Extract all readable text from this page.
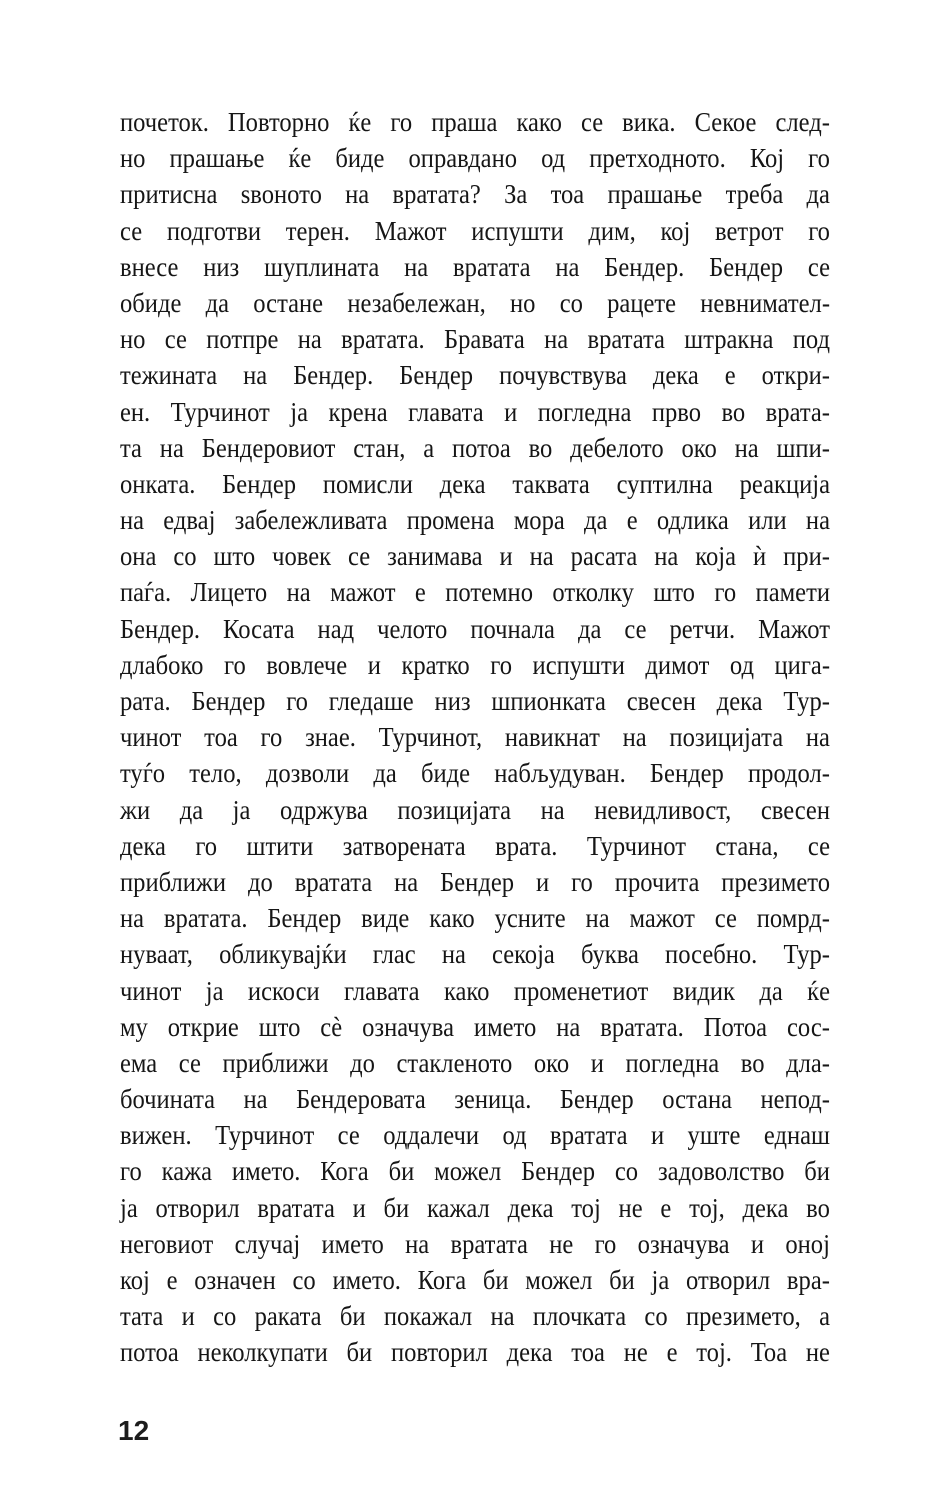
почеток. Повторно ќе го праша како се вика. Секое след-
но прашање ќе биде оправдано од претходното. Кој го
притисна ѕвоното на вратата? За тоа прашање треба да
се подготви терен. Мажот испушти дим, кој ветрот го
внесе низ шуплината на вратата на Бендер. Бендер се
обиде да остане незабележан, но со рацете невнимател-
но се потпре на вратата. Бравата на вратата штракна под
тежината на Бендер. Бендер почувствува дека е откри-
ен. Турчинот ја крена главата и погледна прво во врата-
та на Бендеровиот стан, а потоа во дебелото око на шпи-
онката. Бендер помисли дека таквата суптилна реакција
на едвај забележливата промена мора да е одлика или на
она со што човек се занимава и на расата на која ѝ при-
паѓа. Лицето на мажот е потемно отколку што го памети
Бендер. Косата над челото почнала да се ретчи. Мажот
длабоко го вовлече и кратко го испушти димот од цига-
рата. Бендер го гледаше низ шпионката свесен дека Тур-
чинот тоа го знае. Турчинот, навикнат на позицијата на
туѓо тело, дозволи да биде набљудуван. Бендер продол-
жи да ја одржува позицијата на невидливост, свесен
дека го штити затворената врата. Турчинот стана, се
приближи до вратата на Бендер и го прочита презимето
на вратата. Бендер виде како усните на мажот се помрд-
нуваат, обликувајќи глас на секоја буква посебно. Тур-
чинот ја искоси главата како променетиот видик да ќе
му открие што сè означува името на вратата. Потоа сос-
ема се приближи до стакленото око и погледна во дла-
бочината на Бендеровата зеница. Бендер остана непод-
вижен. Турчинот се оддалечи од вратата и уште еднаш
го кажа името. Кога би можел Бендер со задоволство би
ја отворил вратата и би кажал дека тој не е тој, дека во
неговиот случај името на вратата не го означува и оној
кој е означен со името. Кога би можел би ја отворил вра-
тата и со раката би покажал на плочката со презимето, а
потоа неколкупати би повторил дека тоа не е тој. Тоа не
12
